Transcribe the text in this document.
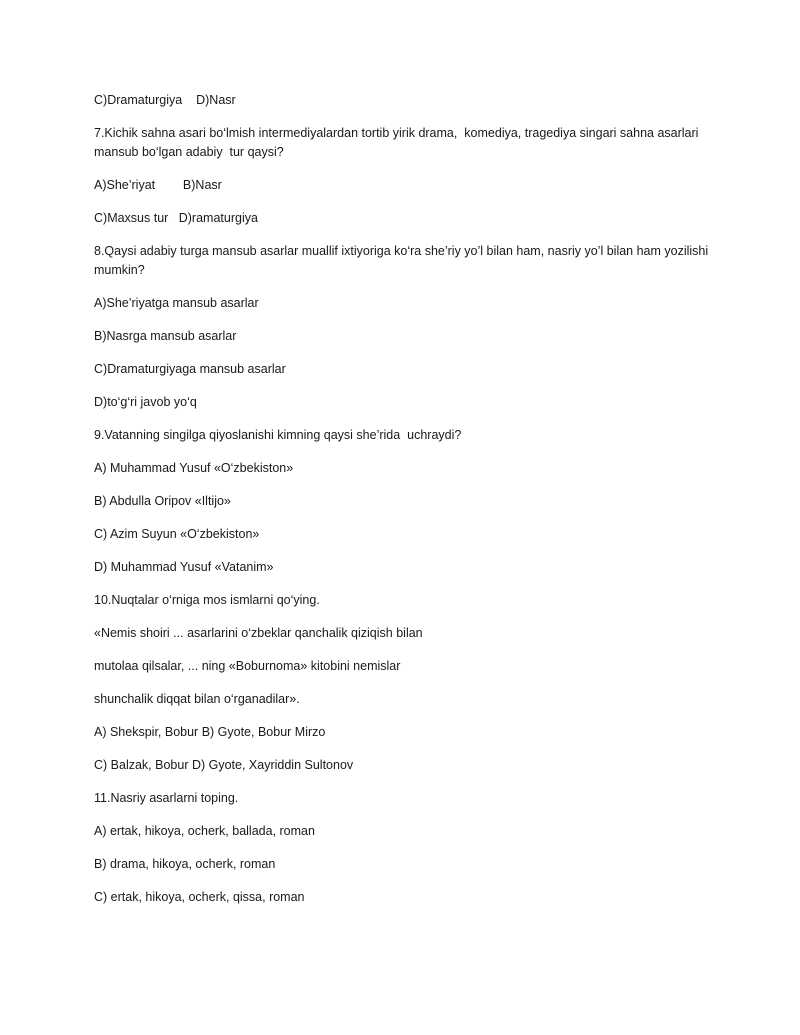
C)Dramaturgiya    D)Nasr

7.Kichik sahna asari bo‘lmish intermediyalardan tortib yirik drama,  komediya, tragediya singari sahna asarlari mansub bo‘lgan adabiy  tur qaysi?

A)She’riyat        B)Nasr

C)Maxsus tur   D)ramaturgiya

8.Qaysi adabiy turga mansub asarlar muallif ixtiyoriga ko‘ra she’riy yo’l bilan ham, nasriy yo’l bilan ham yozilishi mumkin?

A)She’riyatga mansub asarlar

B)Nasrga mansub asarlar

C)Dramaturgiyaga mansub asarlar

D)to‘g‘ri javob yo‘q

9.Vatanning singilga qiyoslanishi kimning qaysi she’rida  uchraydi?

A) Muhammad Yusuf «O‘zbekiston»

B) Abdulla Oripov «Iltijo»

C) Azim Suyun «O‘zbekiston»

D) Muhammad Yusuf «Vatanim»

10.Nuqtalar o‘rniga mos ismlarni qo‘ying.

«Nemis shoiri ... asarlarini o‘zbeklar qanchalik qiziqish bilan

mutolaa qilsalar, ... ning «Boburnoma» kitobini nemislar

shunchalik diqqat bilan o‘rganadilar».

A) Shekspir, Bobur B) Gyote, Bobur Mirzo

C) Balzak, Bobur D) Gyote, Xayriddin Sultonov

11.Nasriy asarlarni toping.

A) ertak, hikoya, ocherk, ballada, roman

B) drama, hikoya, ocherk, roman

C) ertak, hikoya, ocherk, qissa, roman
